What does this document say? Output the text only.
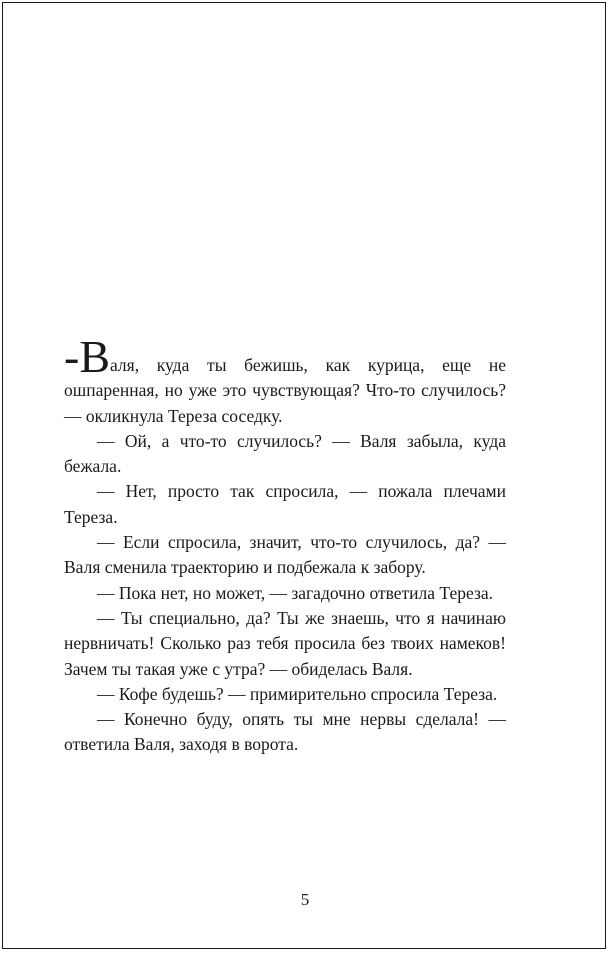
-Валя, куда ты бежишь, как курица, еще не ошпаренная, но уже это чувствующая? Что-то случилось? — окликнула Тереза соседку.

— Ой, а что-то случилось? — Валя забыла, куда бежала.

— Нет, просто так спросила, — пожала плечами Тереза.

— Если спросила, значит, что-то случилось, да? — Валя сменила траекторию и подбежала к забору.

— Пока нет, но может, — загадочно ответила Тереза.

— Ты специально, да? Ты же знаешь, что я начинаю нервничать! Сколько раз тебя просила без твоих намеков! Зачем ты такая уже с утра? — обиделась Валя.

— Кофе будешь? — примирительно спросила Тереза.

— Конечно буду, опять ты мне нервы сделала! — ответила Валя, заходя в ворота.

5
